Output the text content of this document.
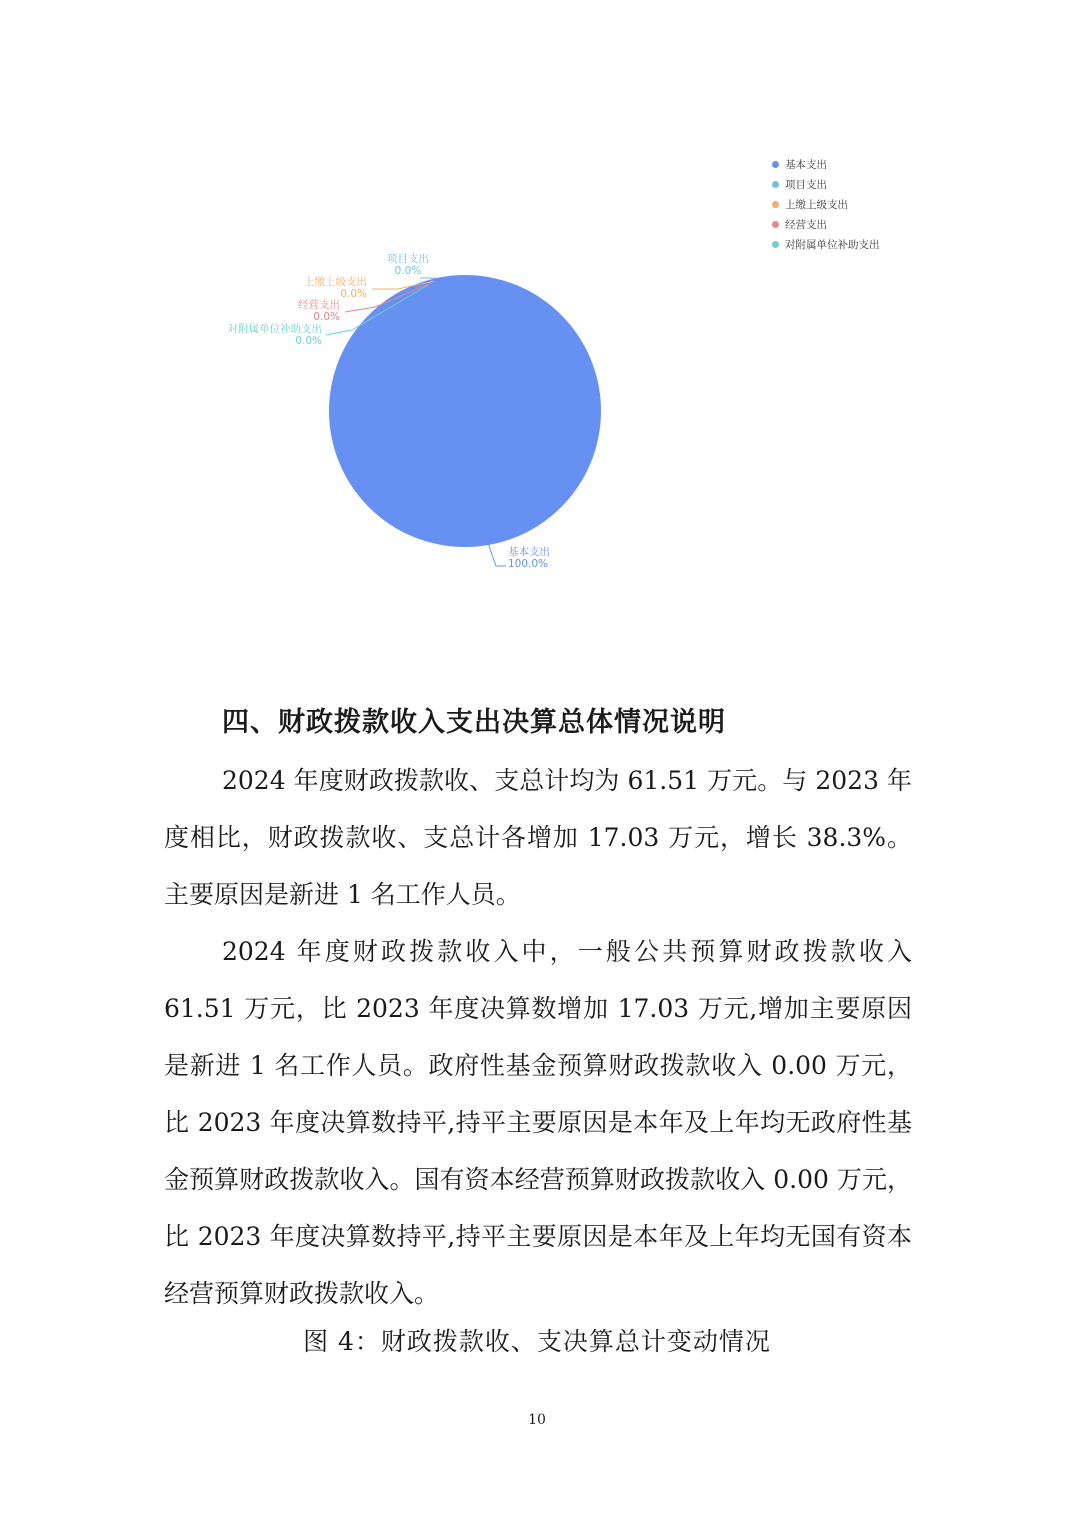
基本支出
100.0%
项目支出
0.0%
上缴上级支出
0.0%
经营支出
0.0%
对附属单位补助支出
0.0%
基本支出
项目支出
上缴上级支出
经营支出
对附属单位补助支出
四、财政拨款收入支出决算总体情况说明
2024 年度财政拨款收、支总计均为 61.51 万元。与 2023 年度相比，财政拨款收、支总计各增加 17.03 万元，增长 38.3%。主要原因是新进 1 名工作人员。
2024 年度财政拨款收入中，一般公共预算财政拨款收入 61.51 万元，比 2023 年度决算数增加 17.03 万元,增加主要原因是新进 1 名工作人员。政府性基金预算财政拨款收入 0.00 万元，比 2023 年度决算数持平,持平主要原因是本年及上年均无政府性基金预算财政拨款收入。国有资本经营预算财政拨款收入 0.00 万元，比 2023 年度决算数持平,持平主要原因是本年及上年均无国有资本经营预算财政拨款收入。
图 4：财政拨款收、支决算总计变动情况
10
